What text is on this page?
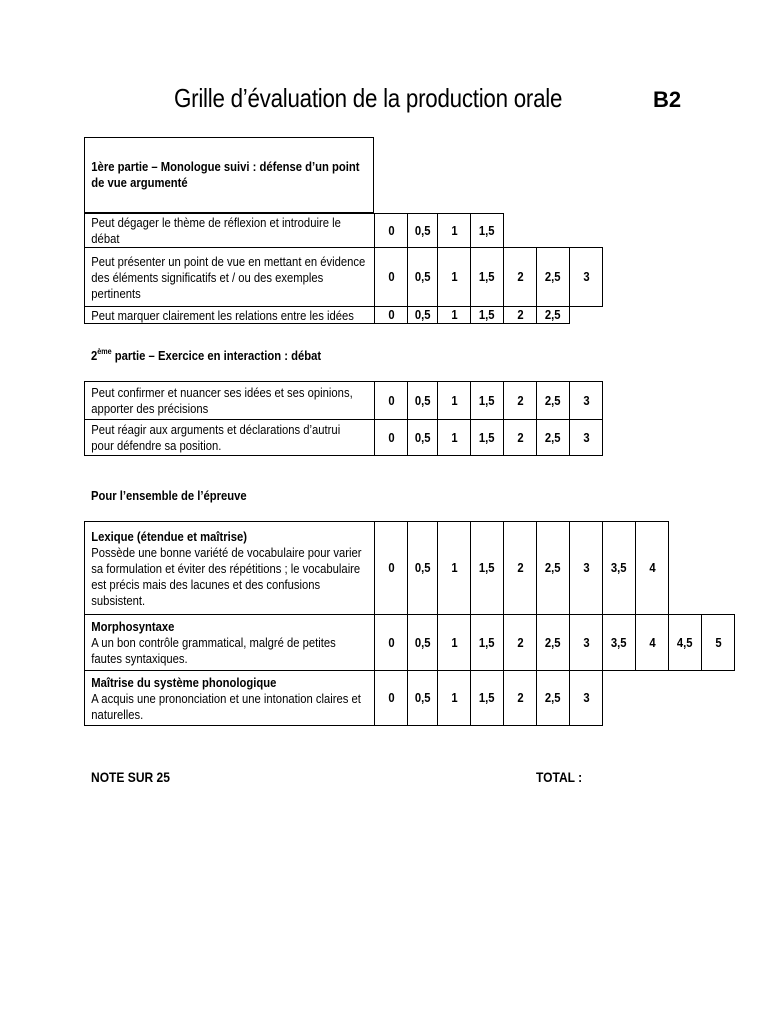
Grille d’évaluation de la production orale	B2
1ère partie – Monologue suivi : défense d’un point
de vue argumenté
Peut dégager le thème de réflexion et introduire le
débat
0 0,5 1 1,5
Peut présenter un point de vue en mettant en évidence
des éléments significatifs et / ou des exemples
pertinents
0 0,5 1 1,5 2 2,5 3
Peut marquer clairement les relations entre les idées	0 0,5 1 1,5 2 2,5
Peut confirmer et nuancer ses idées et ses opinions,
apporter des précisions
0 0,5 1 1,5 2 2,5 3
Peut réagir aux arguments et déclarations d’autrui
pour défendre sa position.
0 0,5 1 1,5 2 2,5 3
Lexique (étendue et maîtrise)
Possède une bonne variété de vocabulaire pour varier
sa formulation et éviter des répétitions ; le vocabulaire
est précis mais des lacunes et des confusions
subsistent.
0 0,5 1 1,5 2 2,5 3 3,5 4
Morphosyntaxe
A un bon contrôle grammatical, malgré de petites
fautes syntaxiques.
0 0,5 1 1,5 2 2,5 3 3,5 4 4,5 5
Maîtrise du système phonologique
A acquis une prononciation et une intonation claires et
naturelles.
0 0,5 1 1,5 2 2,5 3
2ème partie – Exercice en interaction : débat
Pour l’ensemble de l’épreuve
NOTE SUR 25	TOTAL :
